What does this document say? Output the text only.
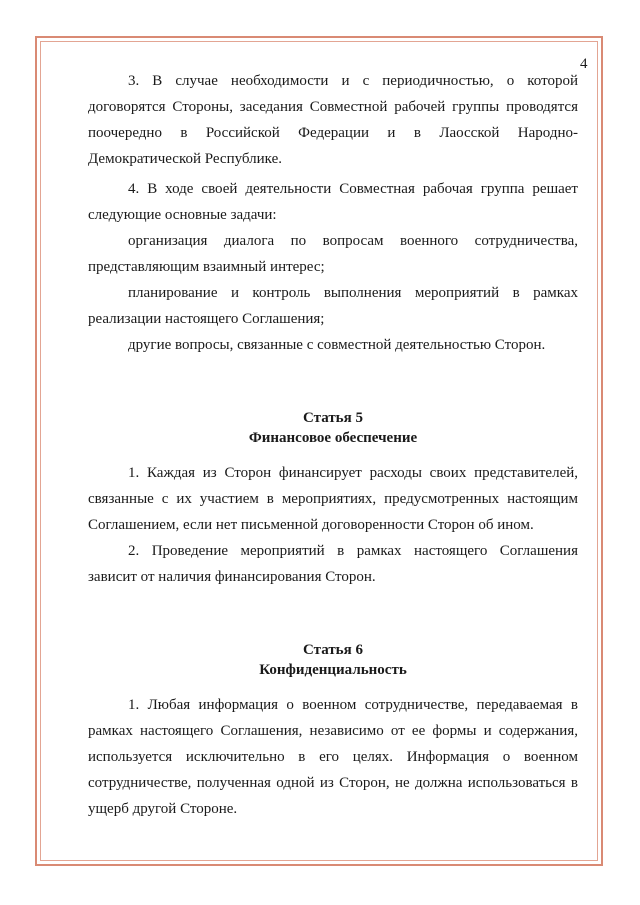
4

3. В случае необходимости и с периодичностью, о которой договорятся Стороны, заседания Совместной рабочей группы проводятся поочередно в Российской Федерации и в Лаосской Народно-Демократической Республике.

4. В ходе своей деятельности Совместная рабочая группа решает следующие основные задачи:

организация диалога по вопросам военного сотрудничества, представляющим взаимный интерес;

планирование и контроль выполнения мероприятий в рамках реализации настоящего Соглашения;

другие вопросы, связанные с совместной деятельностью Сторон.

Статья 5

Финансовое обеспечение

1. Каждая из Сторон финансирует расходы своих представителей, связанные с их участием в мероприятиях, предусмотренных настоящим Соглашением, если нет письменной договоренности Сторон об ином.

2. Проведение мероприятий в рамках настоящего Соглашения зависит от наличия финансирования Сторон.

Статья 6

Конфиденциальность

1. Любая информация о военном сотрудничестве, передаваемая в рамках настоящего Соглашения, независимо от ее формы и содержания, используется исключительно в его целях. Информация о военном сотрудничестве, полученная одной из Сторон, не должна использоваться в ущерб другой Стороне.
